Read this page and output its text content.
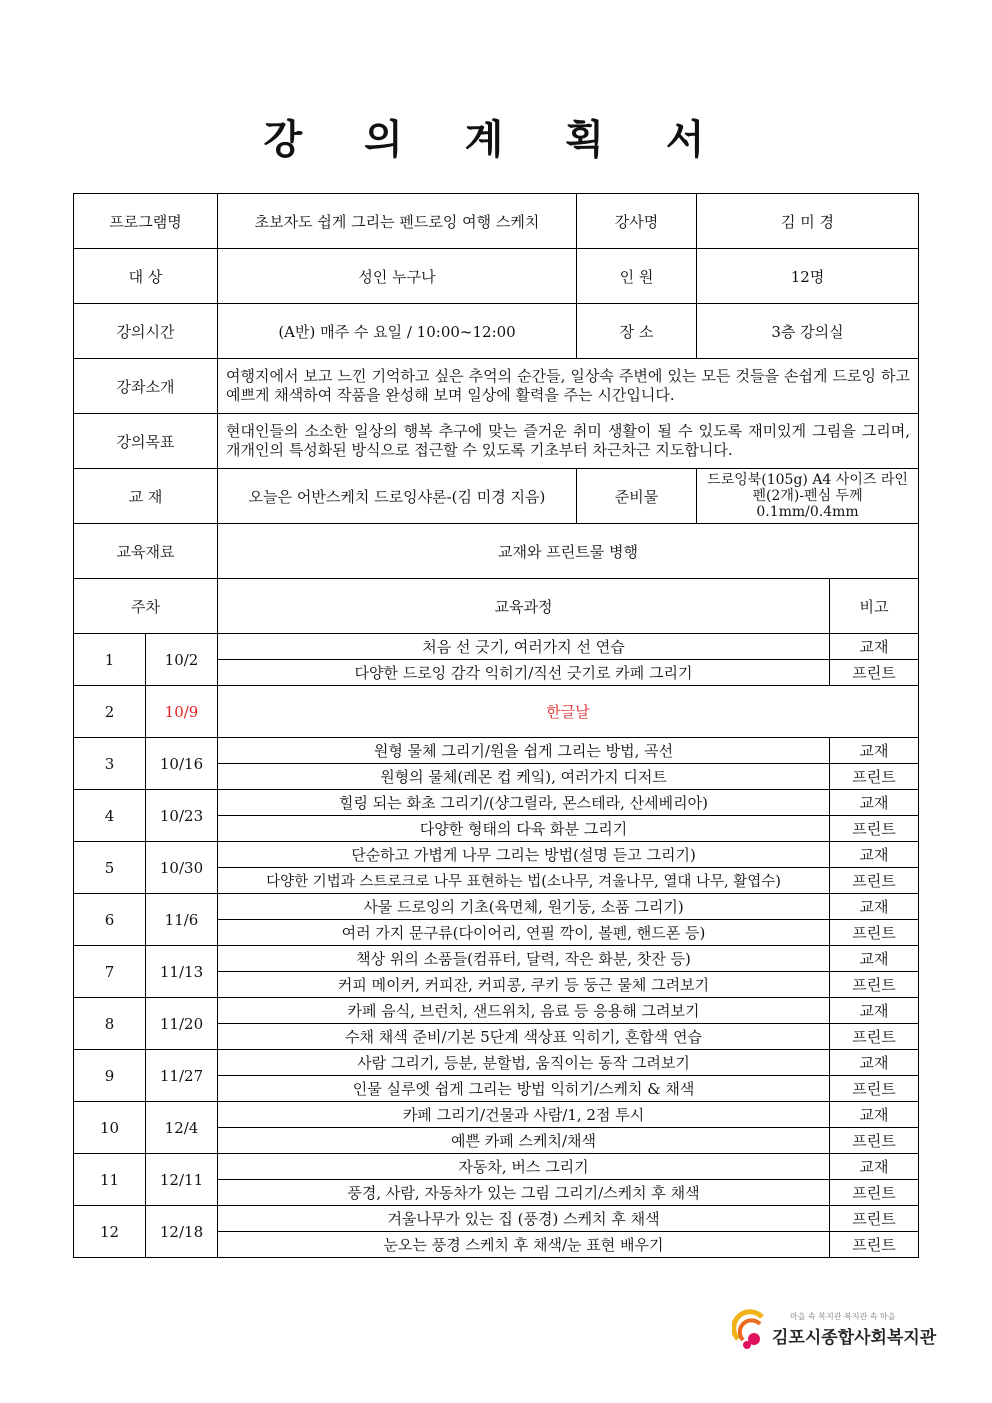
강 의 계 획 서
프로그램명		초보자도 쉽게 그리는 펜드로잉 여행 스케치	강사명	김 미 경	
대 상		성인 누구나	인 원	12명	
강의시간		(A반) 매주 수 요일 / 10:00~12:00	장 소	3층 강의실	
강좌소개		여행지에서 보고 느낀 기억하고 싶은 추억의 순간들, 일상속 주변에 있는 모든 것들을 손쉽게 드로잉 하고 예쁘게 채색하여 작품을 완성해 보며 일상에 활력을 주는 시간입니다.			
강의목표		현대인들의 소소한 일상의 행복 추구에 맞는 즐거운 취미 생활이 될 수 있도록 재미있게 그림을 그리며, 개개인의 특성화된 방식으로 접근할 수 있도록 기초부터 차근차근 지도합니다.			
교 재		오늘은 어반스케치 드로잉샤론-(김 미경 지음)	준비물	드로잉북(105g) A4 사이즈 라인펜(2개)-펜심 두께 0.1mm/0.4mm	
교육재료		교재와 프린트물 병행			
주차		교육과정			비고
1	10/2	처음 선 긋기, 여러가지 선 연습			교재
		다양한 드로잉 감각 익히기/직선 긋기로 카페 그리기			프린트
2	10/9	한글날			
3	10/16	원형 물체 그리기/원을 쉽게 그리는 방법, 곡선			교재
		원형의 물체(레몬 컵 케잌), 여러가지 디저트			프린트
4	10/23	힐링 되는 화초 그리기/(샹그릴라, 몬스테라, 산세베리아)			교재
		다양한 형태의 다육 화분 그리기			프린트
5	10/30	단순하고 가볍게 나무 그리는 방법(설명 듣고 그리기)			교재
		다양한 기법과 스트로크로 나무 표현하는 법(소나무, 겨울나무, 열대 나무, 활엽수)			프린트
6	11/6	사물 드로잉의 기초(육면체, 원기둥, 소품 그리기)			교재
		여러 가지 문구류(다이어리, 연필 깍이, 볼펜, 핸드폰 등)			프린트
7	11/13	책상 위의 소품들(컴퓨터, 달력, 작은 화분, 찻잔 등)			교재
		커피 메이커, 커피잔, 커피콩, 쿠키 등 둥근 물체 그려보기			프린트
8	11/20	카페 음식, 브런치, 샌드위치, 음료 등 응용해 그려보기			교재
		수채 채색 준비/기본 5단계 색상표 익히기, 혼합색 연습			프린트
9	11/27	사람 그리기, 등분, 분할법, 움직이는 동작 그려보기			교재
		인물 실루엣 쉽게 그리는 방법 익히기/스케치 & 채색			프린트
10	12/4	카페 그리기/건물과 사람/1, 2점 투시			교재
		예쁜 카페 스케치/채색			프린트
11	12/11	자동차, 버스 그리기			교재
		풍경, 사람, 자동차가 있는 그림 그리기/스케치 후 채색			프린트
12	12/18	겨울나무가 있는 집 (풍경) 스케치 후 채색			프린트
		눈오는 풍경 스케치 후 채색/눈 표현 배우기			프린트
마을 속 복지관 복지관 속 마을
김포시종합사회복지관
